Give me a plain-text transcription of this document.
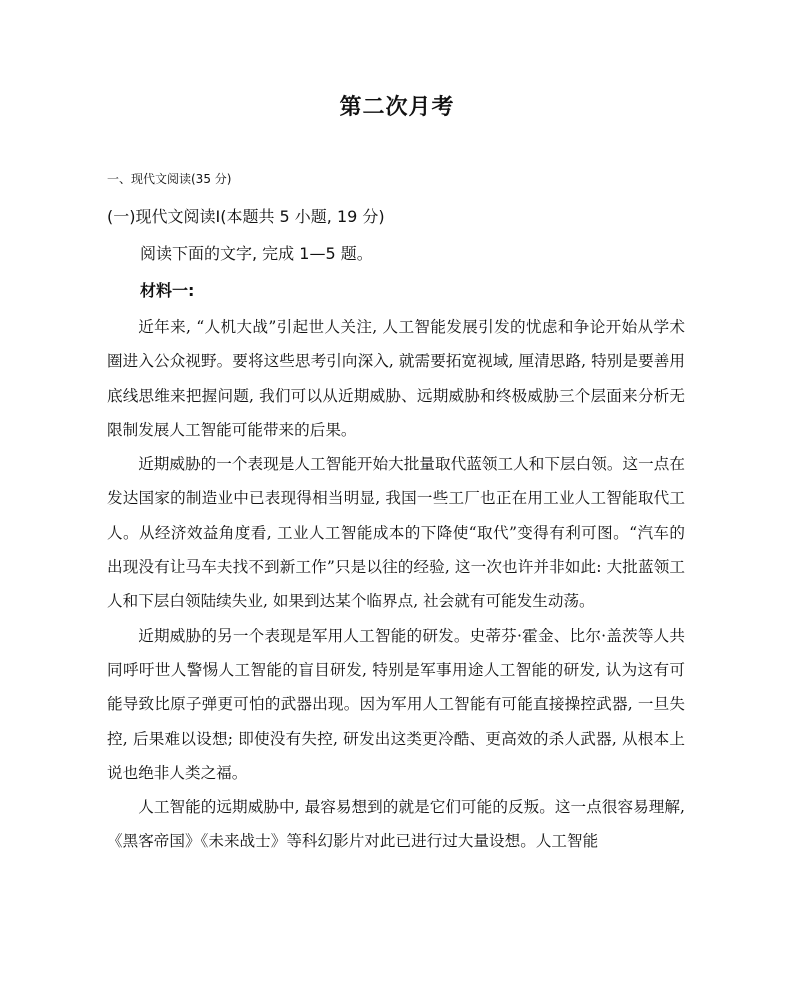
第二次月考
一、现代文阅读(35 分)
(一)现代文阅读Ⅰ(本题共 5 小题, 19 分)
阅读下面的文字, 完成 1—5 题。
材料一:

近年来, “人机大战”引起世人关注, 人工智能发展引发的忧虑和争论开始从学术圈进入公众视野。要将这些思考引向深入, 就需要拓宽视域, 厘清思路, 特别是要善用底线思维来把握问题, 我们可以从近期威胁、远期威胁和终极威胁三个层面来分析无限制发展人工智能可能带来的后果。

近期威胁的一个表现是人工智能开始大批量取代蓝领工人和下层白领。这一点在发达国家的制造业中已表现得相当明显, 我国一些工厂也正在用工业人工智能取代工人。从经济效益角度看, 工业人工智能成本的下降使“取代”变得有利可图。“汽车的出现没有让马车夫找不到新工作”只是以往的经验, 这一次也许并非如此: 大批蓝领工人和下层白领陆续失业, 如果到达某个临界点, 社会就有可能发生动荡。

近期威胁的另一个表现是军用人工智能的研发。史蒂芬·霍金、比尔·盖茨等人共同呼吁世人警惕人工智能的盲目研发, 特别是军事用途人工智能的研发, 认为这有可能导致比原子弹更可怕的武器出现。因为军用人工智能有可能直接操控武器, 一旦失控, 后果难以设想; 即使没有失控, 研发出这类更冷酷、更高效的杀人武器, 从根本上说也绝非人类之福。

人工智能的远期威胁中, 最容易想到的就是它们可能的反叛。这一点很容易理解, 《黑客帝国》《未来战士》等科幻影片对此已进行过大量设想。人工智能
